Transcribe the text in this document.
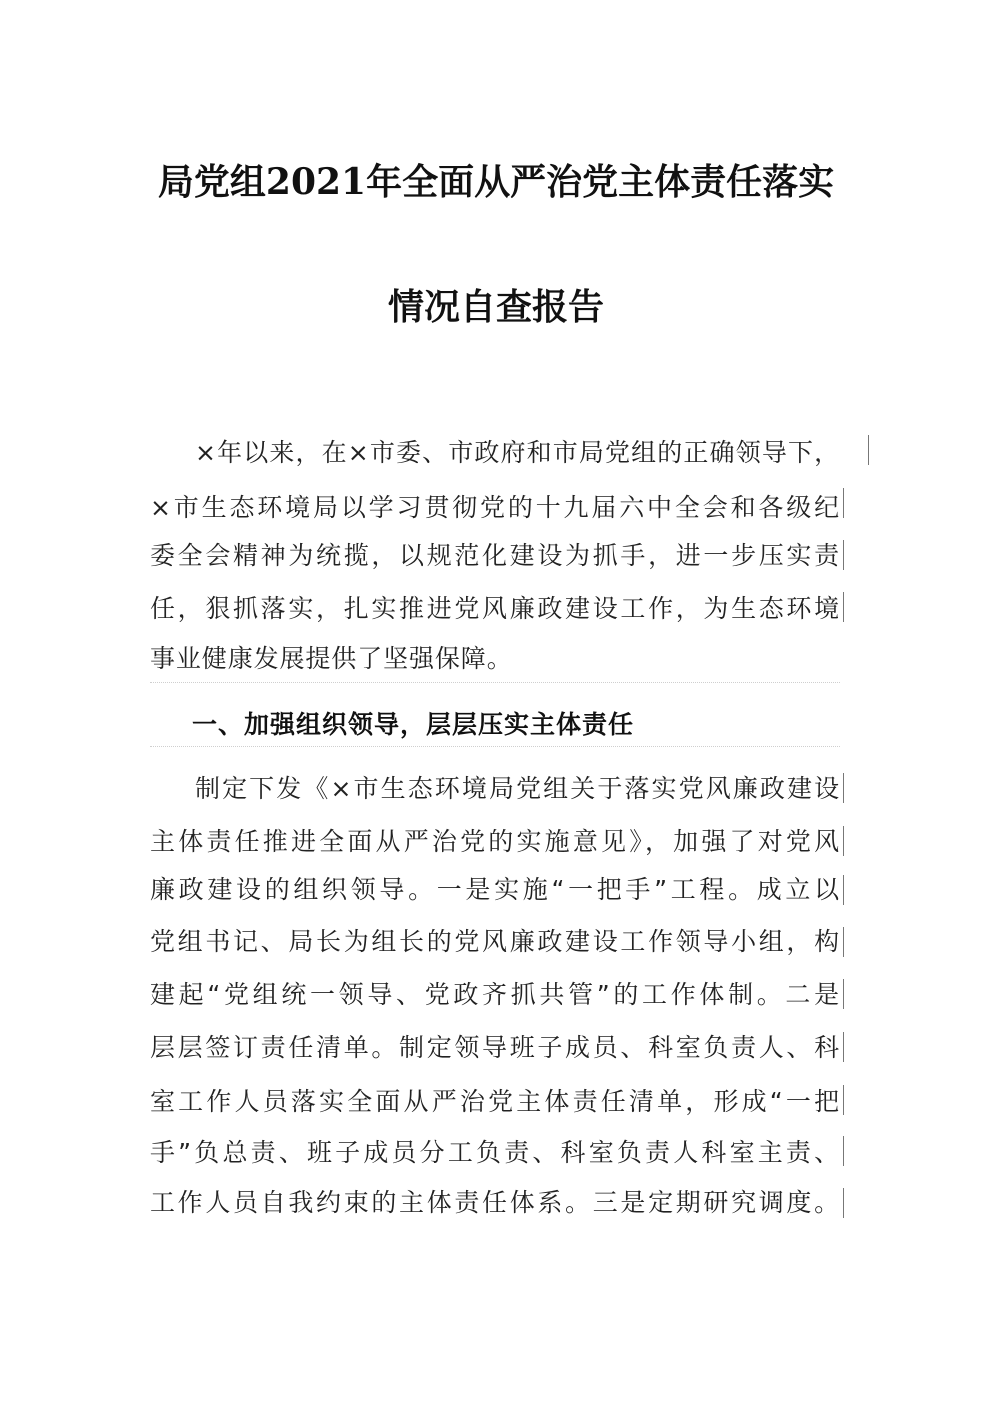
局党组2021年全面从严治党主体责任落实
情况自查报告
×年以来，在×市委、市政府和市局党组的正确领导下，
×市生态环境局以学习贯彻党的十九届六中全会和各级纪
委全会精神为统揽，以规范化建设为抓手，进一步压实责
任，狠抓落实，扎实推进党风廉政建设工作，为生态环境
事业健康发展提供了坚强保障。
一、加强组织领导，层层压实主体责任
制定下发《×市生态环境局党组关于落实党风廉政建设
主体责任推进全面从严治党的实施意见》，加强了对党风
廉政建设的组织领导。一是实施“一把手”工程。成立以
党组书记、局长为组长的党风廉政建设工作领导小组，构
建起“党组统一领导、党政齐抓共管”的工作体制。二是
层层签订责任清单。制定领导班子成员、科室负责人、科
室工作人员落实全面从严治党主体责任清单，形成“一把
手”负总责、班子成员分工负责、科室负责人科室主责、
工作人员自我约束的主体责任体系。三是定期研究调度。
